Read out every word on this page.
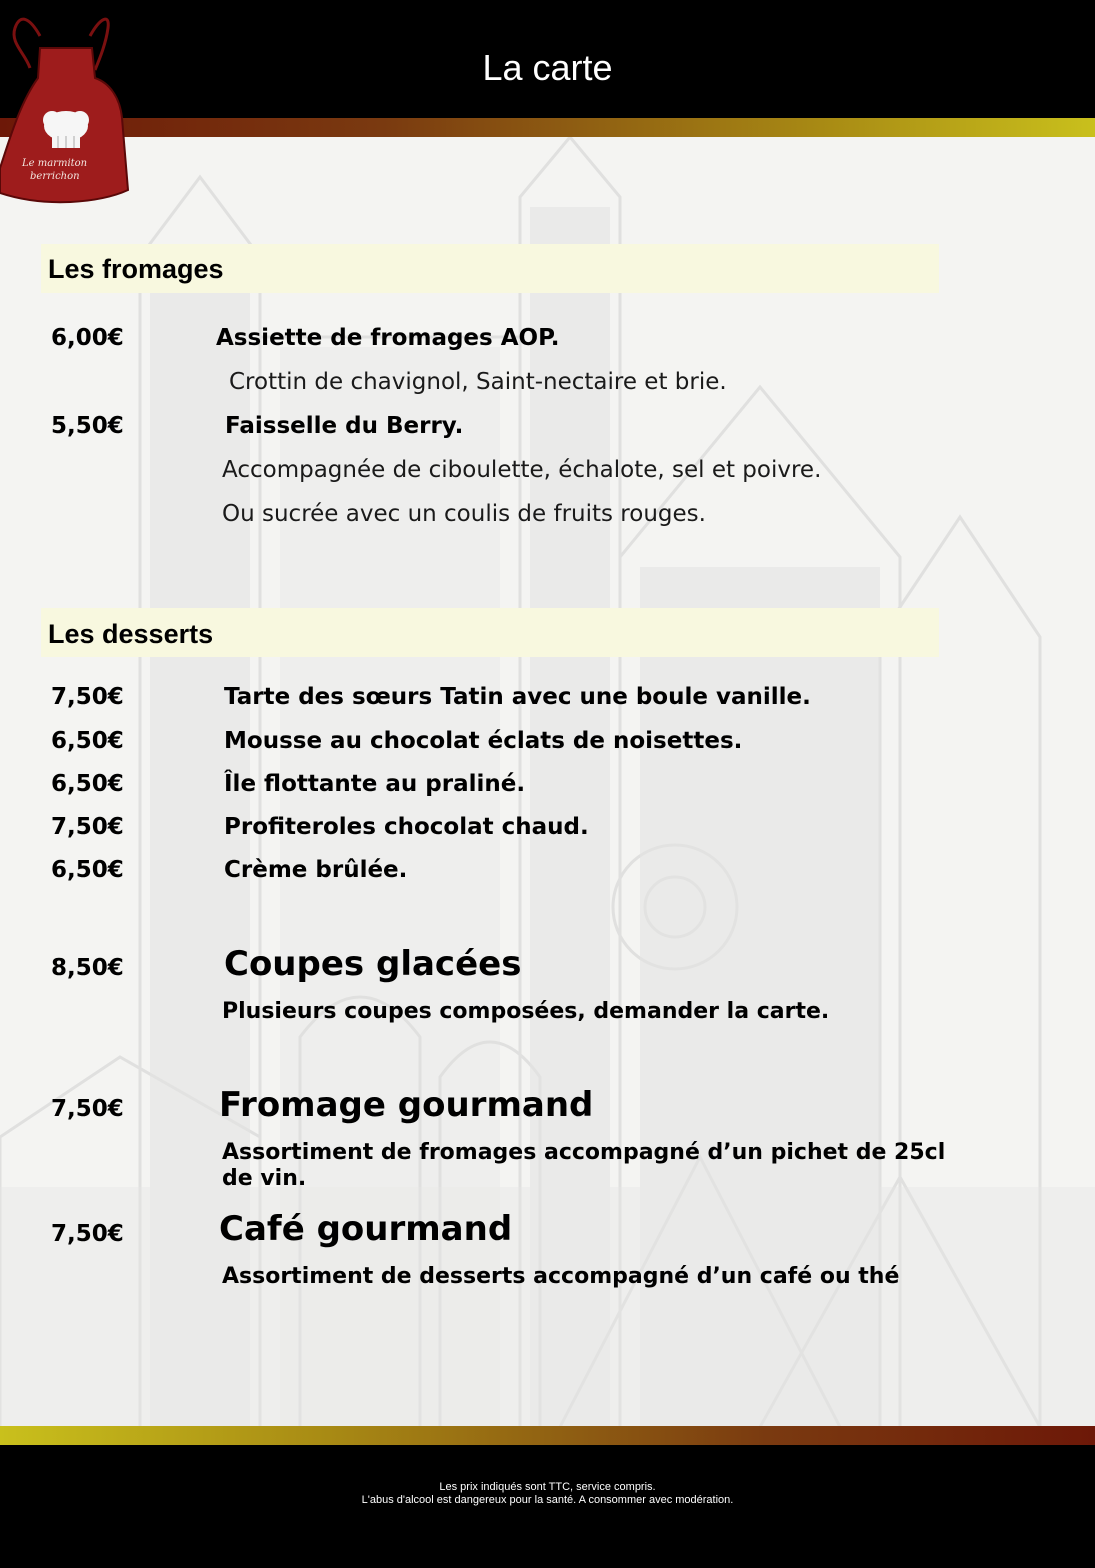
La carte
Le marmiton
berrichon
Les fromages
6,00€	Assiette de fromages AOP.
Crottin de chavignol, Saint-nectaire et brie.
5,50€	Faisselle du Berry.
Accompagnée de ciboulette, échalote, sel et poivre.
Ou sucrée avec un coulis de fruits rouges.
Les desserts
7,50€	Tarte des sœurs Tatin avec une boule vanille.
6,50€	Mousse au chocolat éclats de noisettes.
6,50€	Île flottante au praliné.
7,50€	Profiteroles chocolat chaud.
6,50€	Crème brûlée.
8,50€	Coupes glacées
Plusieurs coupes composées, demander la carte.
7,50€	Fromage gourmand
Assortiment de fromages accompagné d’un pichet de 25cl de vin.
7,50€	Café gourmand
Assortiment de desserts accompagné d’un café ou thé
Les prix indiqués sont TTC, service compris.
L'abus d'alcool est dangereux pour la santé. A consommer avec modération.
